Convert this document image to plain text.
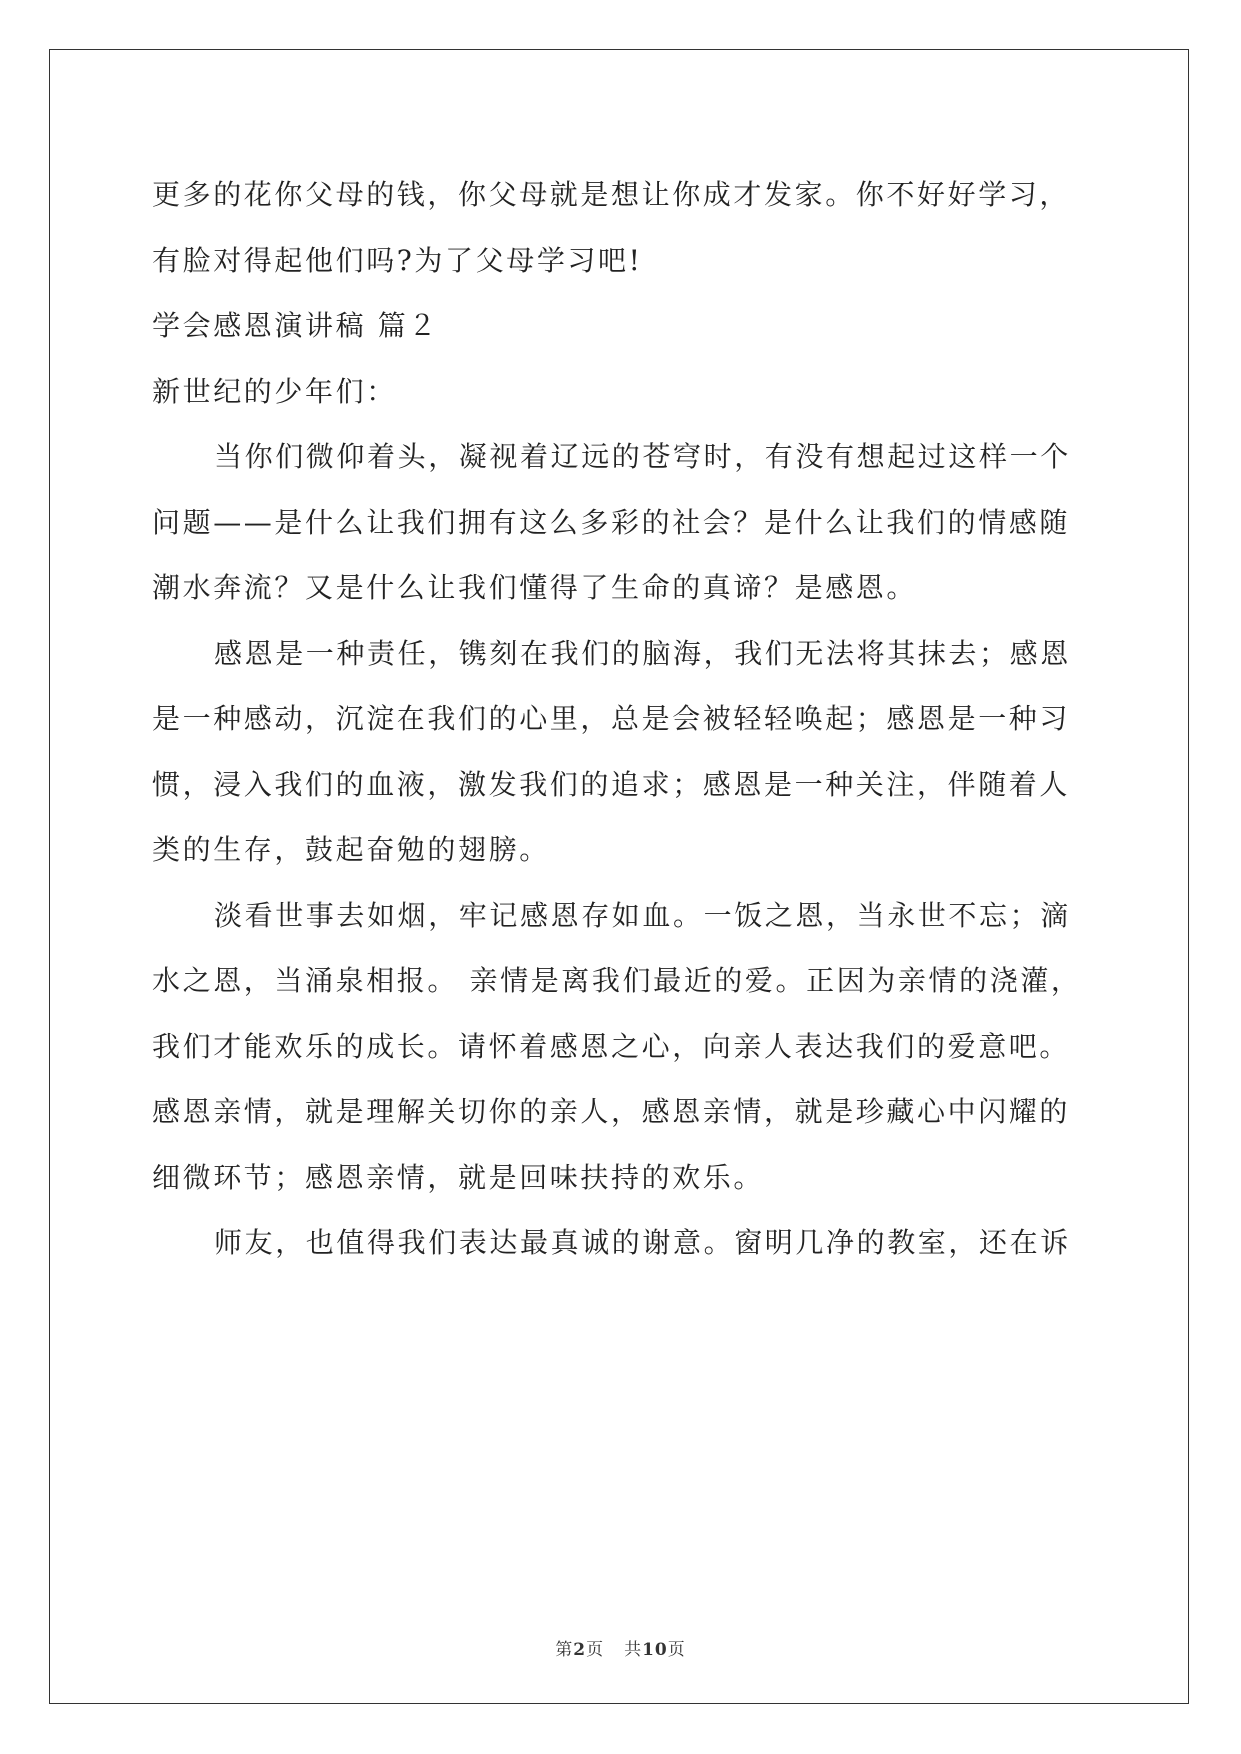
更多的花你父母的钱，你父母就是想让你成才发家。你不好好学习，
有脸对得起他们吗?为了父母学习吧!
学会感恩演讲稿 篇２
新世纪的少年们：
当你们微仰着头，凝视着辽远的苍穹时，有没有想起过这样一个
问题——是什么让我们拥有这么多彩的社会？是什么让我们的情感随
潮水奔流？又是什么让我们懂得了生命的真谛？是感恩。
感恩是一种责任，镌刻在我们的脑海，我们无法将其抹去；感恩
是一种感动，沉淀在我们的心里，总是会被轻轻唤起；感恩是一种习
惯，浸入我们的血液，激发我们的追求；感恩是一种关注，伴随着人
类的生存，鼓起奋勉的翅膀。
淡看世事去如烟，牢记感恩存如血。一饭之恩，当永世不忘；滴
水之恩，当涌泉相报。 亲情是离我们最近的爱。正因为亲情的浇灌，
我们才能欢乐的成长。请怀着感恩之心，向亲人表达我们的爱意吧。
感恩亲情，就是理解关切你的亲人，感恩亲情，就是珍藏心中闪耀的
细微环节；感恩亲情，就是回味扶持的欢乐。
师友，也值得我们表达最真诚的谢意。窗明几净的教室，还在诉
第2页 共10页
